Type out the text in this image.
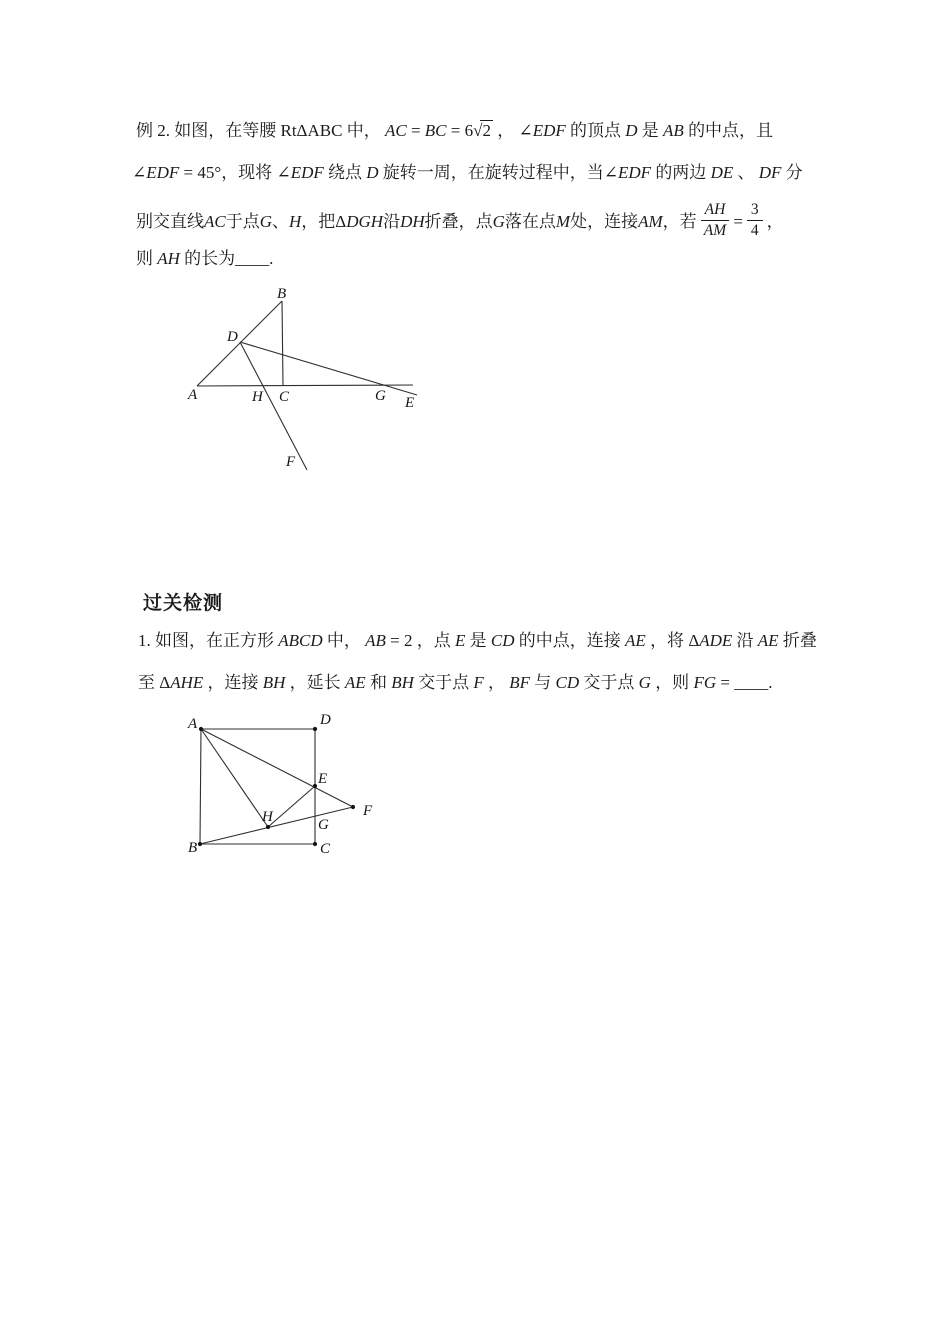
例 2. 如图，在等腰 RtΔABC 中， AC = BC = 6√2 ， ∠EDF 的顶点 D 是 AB 的中点，且
∠EDF = 45°，现将 ∠EDF 绕点 D 旋转一周，在旋转过程中，当∠EDF 的两边 DE 、 DF 分
别交直线 AC 于点 G 、 H ，把 Δ DGH 沿 DH 折叠，点 G 落在点 M 处，连接 AM ，若 $\frac{AH}{AM} = \frac{3}{4}$ ，
则 AH 的长为____.
A
B
C
D
E
F
G
H
过关检测
1. 如图，在正方形 ABCD 中， AB = 2 ，点 E 是 CD 的中点，连接 AE ，将 ΔADE 沿 AE 折叠
至 ΔAHE ，连接 BH ，延长 AE 和 BH 交于点 F ， BF 与 CD 交于点 G ，则 FG = ____.
A	D
B	C
E
H	F
G
